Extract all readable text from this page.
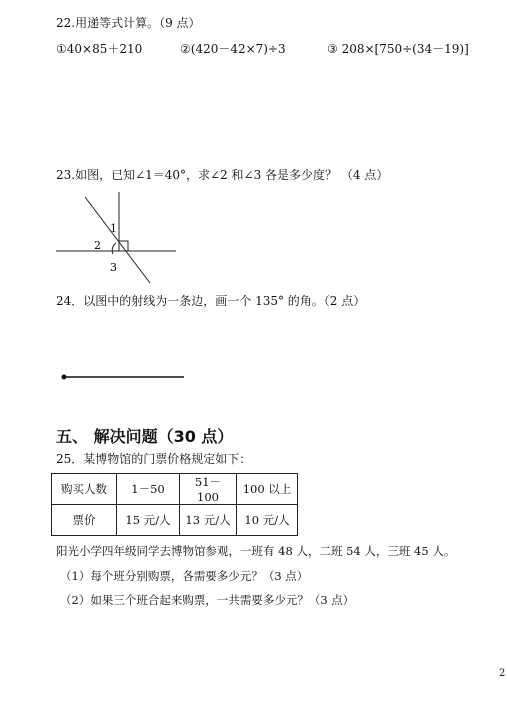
22.用递等式计算。（9 点）
①40×85＋210	②(420－42×7)÷3	③ 208×[750÷(34－19)]
23.如图，已知∠1＝40°，求∠2 和∠3 各是多少度？ （4 点）
1
2
3
24．以图中的射线为一条边，画一个 135° 的角。（2 点）
五、 解决问题（30 点）
25．某博物馆的门票价格规定如下：
购买人数	1－50	51－100	100 以上
票价	15 元/人	13 元/人	10 元/人
阳光小学四年级同学去博物馆参观，一班有 48 人，二班 54 人，三班 45 人。
（1）每个班分别购票，各需要多少元？（3 点）
（2）如果三个班合起来购票，一共需要多少元？（3 点）
2
